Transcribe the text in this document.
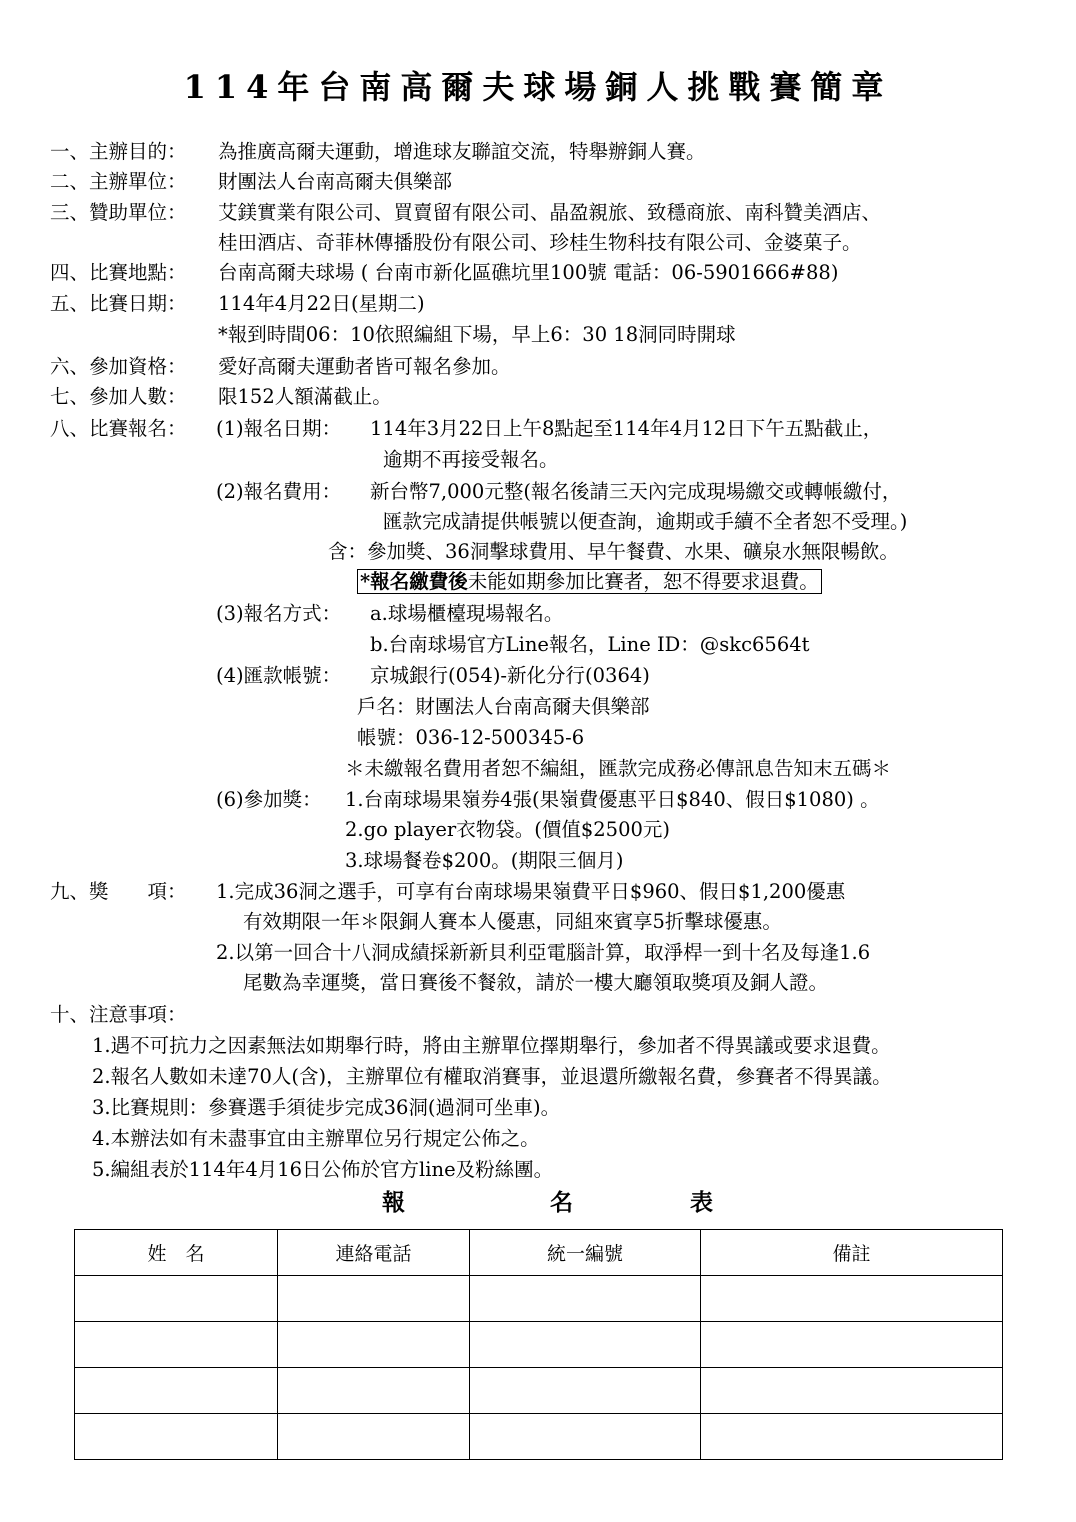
114年台南高爾夫球場銅人挑戰賽簡章
一、主辦目的： 為推廣高爾夫運動，增進球友聯誼交流，特舉辦銅人賽。
二、主辦單位： 財團法人台南高爾夫俱樂部
三、贊助單位： 艾鎂實業有限公司、買賣留有限公司、晶盈親旅、致穩商旅、南科贊美酒店、
桂田酒店、奇菲林傳播股份有限公司、珍桂生物科技有限公司、金婆菓子。
四、比賽地點： 台南高爾夫球場 ( 台南市新化區礁坑里100號 電話：06-5901666#88)
五、比賽日期： 114年4月22日(星期二)
*報到時間06：10依照編組下場，早上6：30 18洞同時開球
六、參加資格： 愛好高爾夫運動者皆可報名參加。
七、參加人數： 限152人額滿截止。
八、比賽報名： (1)報名日期： 114年3月22日上午8點起至114年4月12日下午五點截止，
逾期不再接受報名。
(2)報名費用： 新台幣7,000元整(報名後請三天內完成現場繳交或轉帳繳付，
匯款完成請提供帳號以便查詢，逾期或手續不全者恕不受理。)
含：參加獎、36洞擊球費用、早午餐費、水果、礦泉水無限暢飲。
*報名繳費後未能如期參加比賽者，恕不得要求退費。
(3)報名方式： a.球場櫃檯現場報名。
b.台南球場官方Line報名，Line ID：@skc6564t
(4)匯款帳號： 京城銀行(054)-新化分行(0364)
戶名：財團法人台南高爾夫俱樂部
帳號：036-12-500345-6
＊未繳報名費用者恕不編組，匯款完成務必傳訊息告知末五碼＊
(6)參加獎： 1.台南球場果嶺券4張(果嶺費優惠平日$840、假日$1080) 。
2.go player衣物袋。(價值$2500元)
3.球場餐卷$200。(期限三個月)
九、獎　　項： 1.完成36洞之選手，可享有台南球場果嶺費平日$960、假日$1,200優惠
有效期限一年＊限銅人賽本人優惠，同組來賓享5折擊球優惠。
2.以第一回合十八洞成績採新新貝利亞電腦計算，取淨桿一到十名及每逢1.6
尾數為幸運獎，當日賽後不餐敘，請於一樓大廳領取獎項及銅人證。
十、注意事項：
1.遇不可抗力之因素無法如期舉行時，將由主辦單位擇期舉行，參加者不得異議或要求退費。
2.報名人數如未達70人(含)，主辦單位有權取消賽事，並退還所繳報名費，參賽者不得異議。
3.比賽規則：參賽選手須徒步完成36洞(過洞可坐車)。
4.本辦法如有未盡事宜由主辦單位另行規定公佈之。
5.編組表於114年4月16日公佈於官方line及粉絲團。
報	名	表
姓　名	連絡電話	統一編號	備註
